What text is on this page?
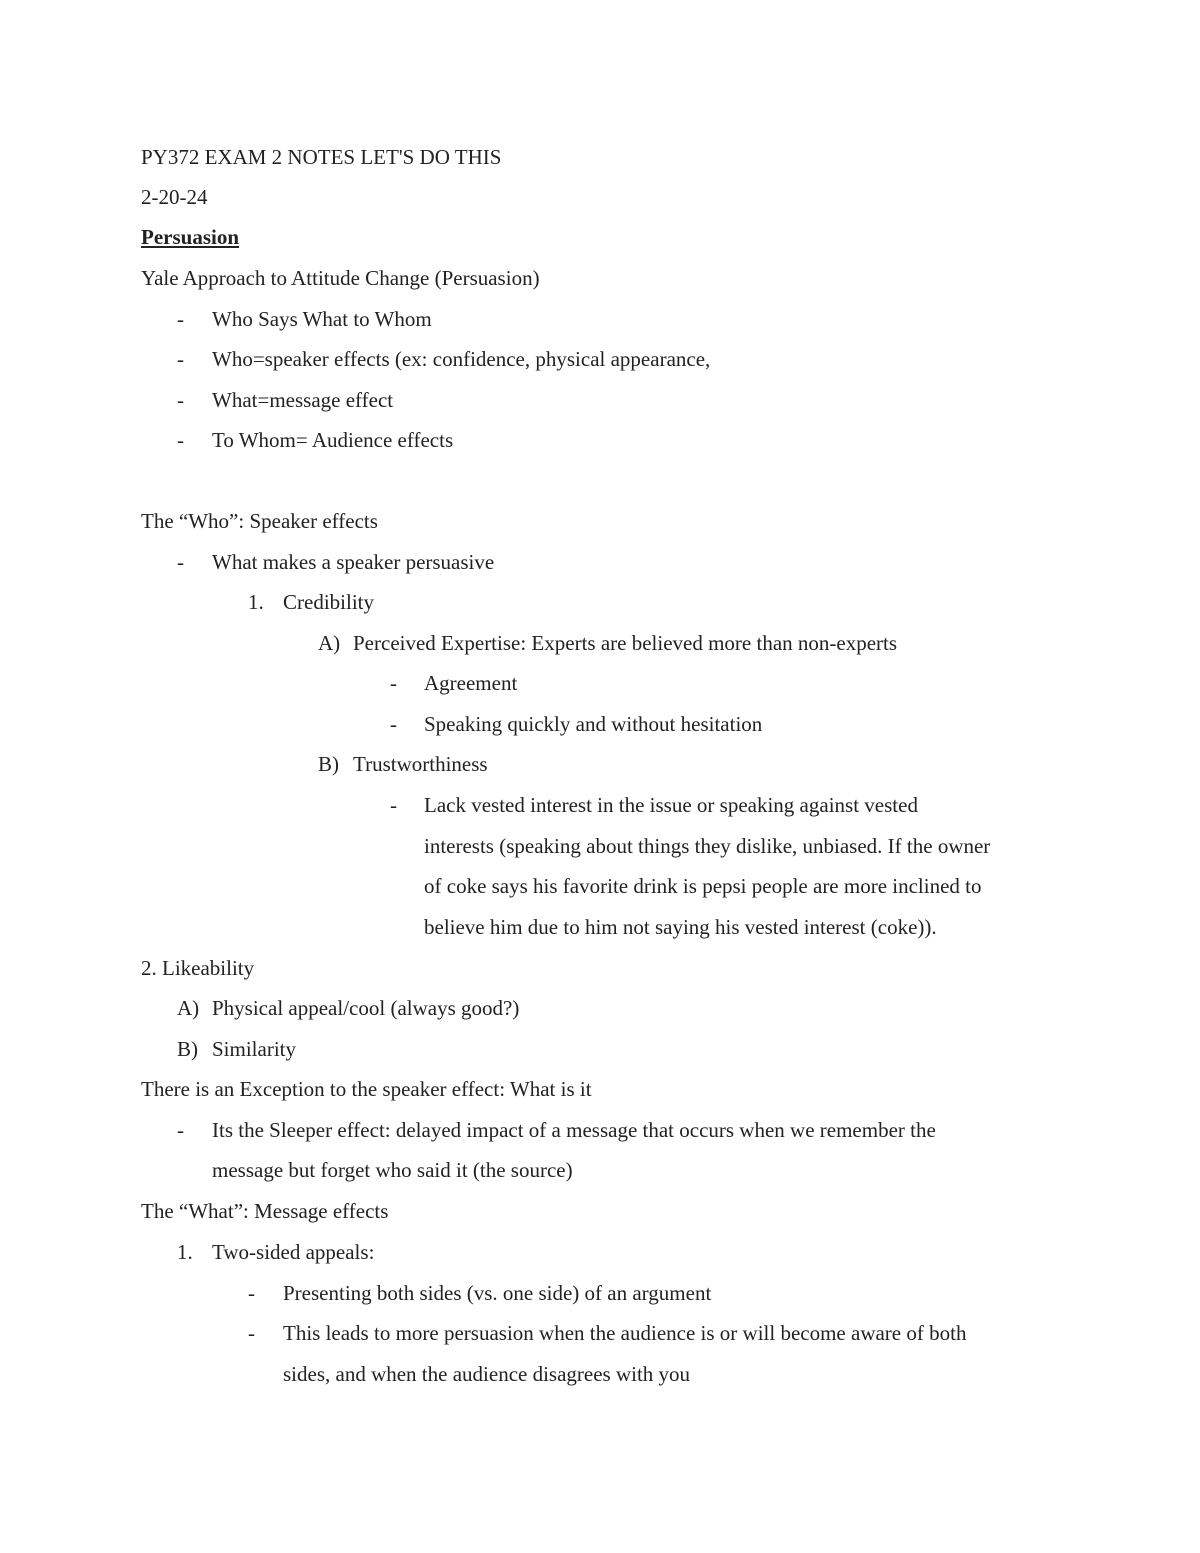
PY372 EXAM 2 NOTES LET'S DO THIS
2-20-24
Persuasion
Yale Approach to Attitude Change (Persuasion)
- Who Says What to Whom
- Who=speaker effects (ex: confidence, physical appearance,
- What=message effect
- To Whom= Audience effects
The “Who”: Speaker effects
- What makes a speaker persuasive
1. Credibility
A) Perceived Expertise: Experts are believed more than non-experts
- Agreement
- Speaking quickly and without hesitation
B) Trustworthiness
- Lack vested interest in the issue or speaking against vested
interests (speaking about things they dislike, unbiased. If the owner
of coke says his favorite drink is pepsi people are more inclined to
believe him due to him not saying his vested interest (coke)).
2. Likeability
A) Physical appeal/cool (always good?)
B) Similarity
There is an Exception to the speaker effect: What is it
- Its the Sleeper effect: delayed impact of a message that occurs when we remember the
message but forget who said it (the source)
The “What”: Message effects
1. Two-sided appeals:
- Presenting both sides (vs. one side) of an argument
- This leads to more persuasion when the audience is or will become aware of both
sides, and when the audience disagrees with you
